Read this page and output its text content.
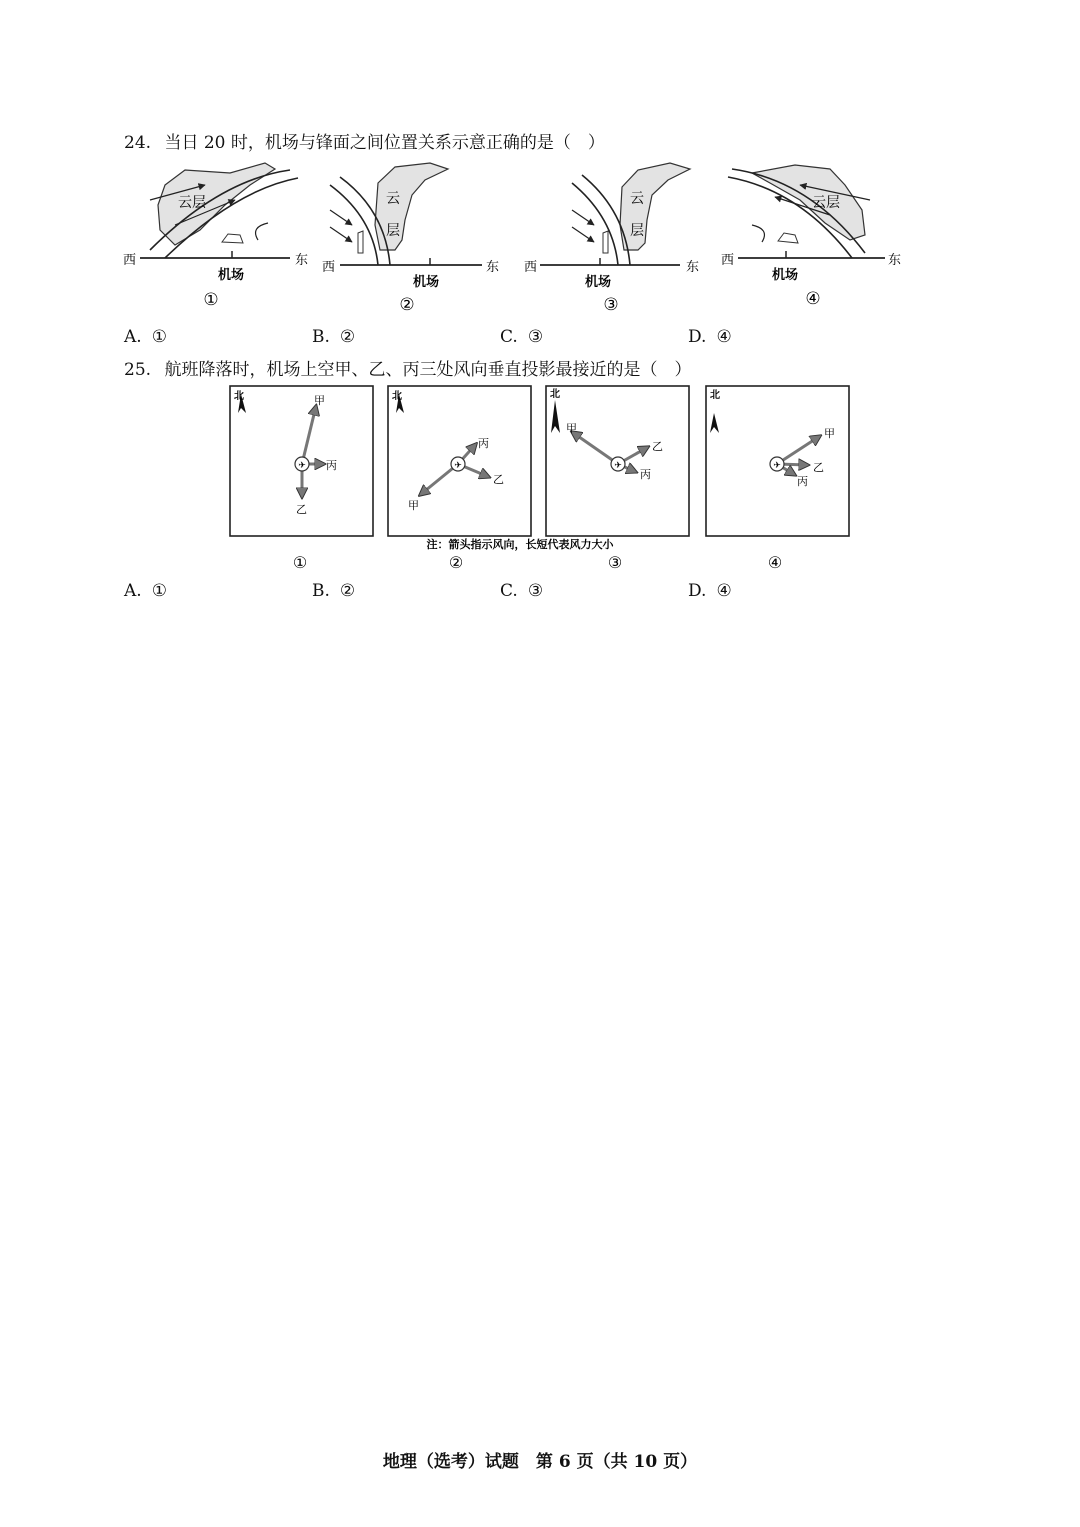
24. 当日 20 时，机场与锋面之间位置关系示意正确的是（　）
云层
西	东
机场
①
云
层
西	东
机场
②
云
层
西	东
机场
③
云层
西	东
机场
④
A. ①	B. ②	C. ③	D. ④
25. 航班降落时，机场上空甲、乙、丙三处风向垂直投影最接近的是（　）
北
✈
甲
丙
乙
①
北
✈
甲
丙
乙
②
北
✈
甲
乙
丙
③
北
✈
甲
乙
丙
④
注：箭头指示风向，长短代表风力大小
A. ①	B. ②	C. ③	D. ④
地理（选考）试题　第 6 页（共 10 页）
